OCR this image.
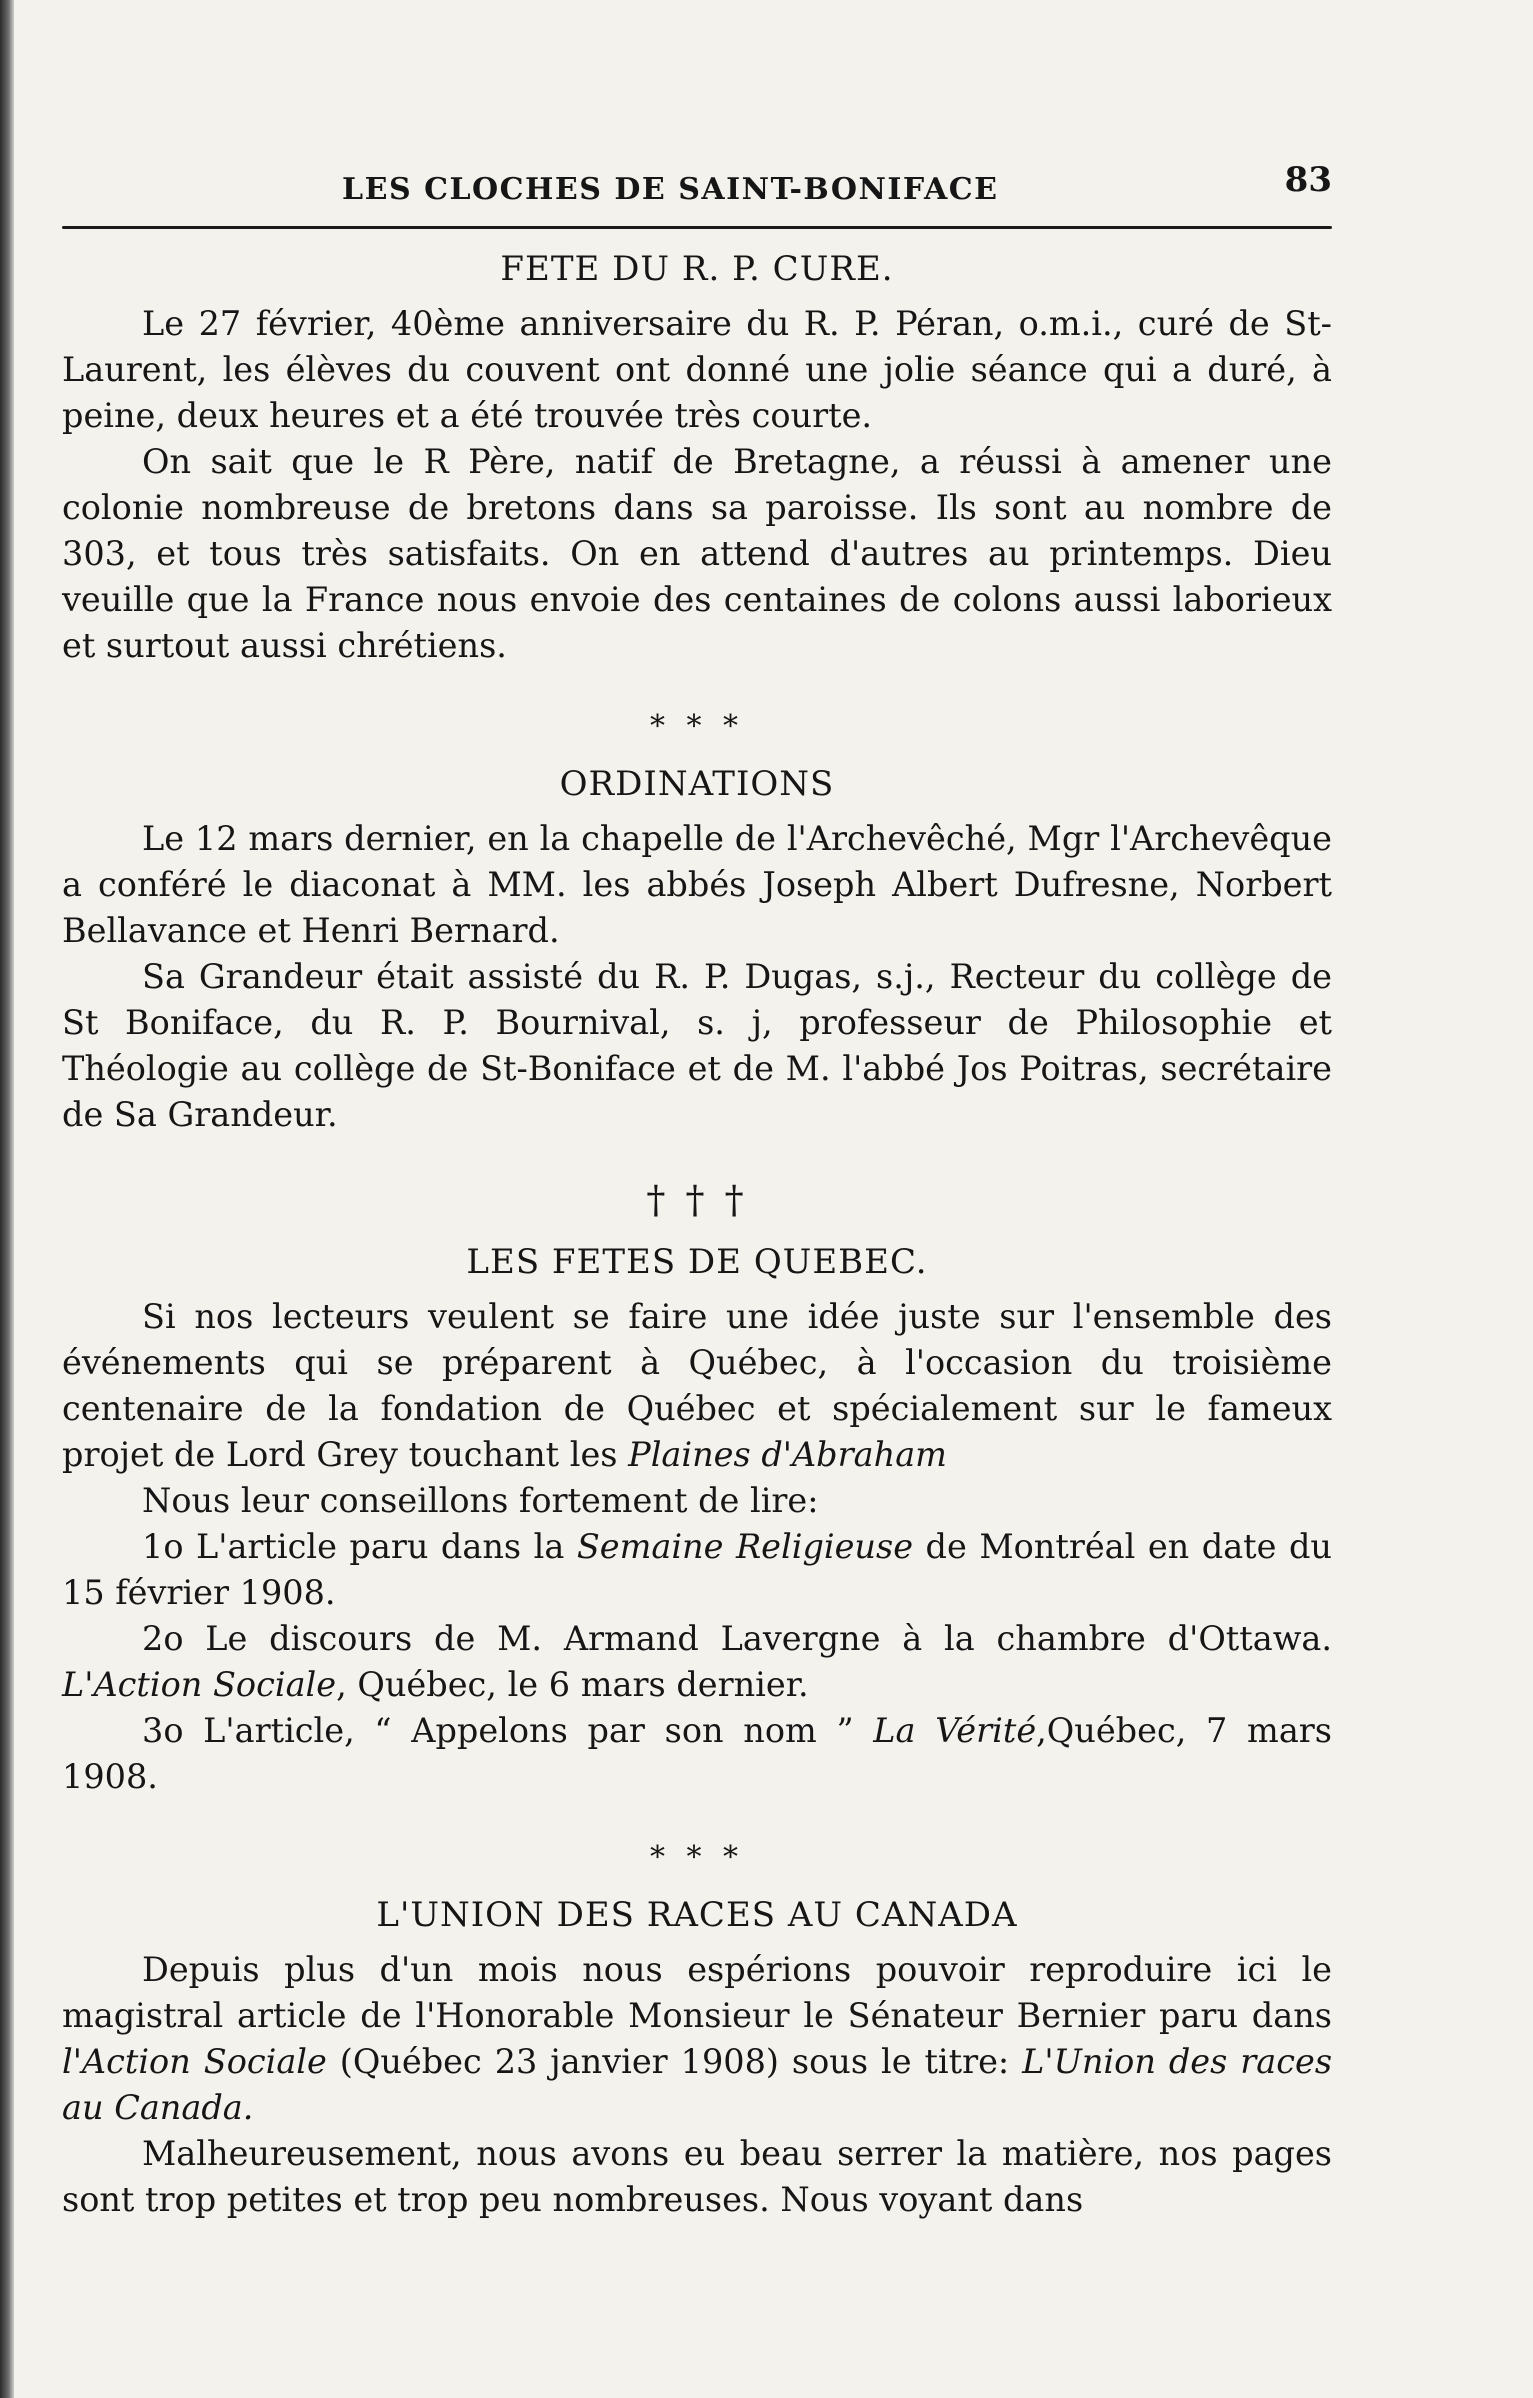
LES CLOCHES DE SAINT-BONIFACE	83
FETE DU R. P. CURE.

Le 27 février, 40ème anniversaire du R. P. Péran, o.m.i., curé de St-Laurent, les élèves du couvent ont donné une jolie séance qui a duré, à peine, deux heures et a été trouvée très courte.

On sait que le R Père, natif de Bretagne, a réussi à amener une colonie nombreuse de bretons dans sa paroisse. Ils sont au nombre de 303, et tous très satisfaits. On en attend d'autres au printemps. Dieu veuille que la France nous envoie des centaines de colons aussi laborieux et surtout aussi chrétiens.

* * *
ORDINATIONS

Le 12 mars dernier, en la chapelle de l'Archevêché, Mgr l'Archevêque a conféré le diaconat à MM. les abbés Joseph Albert Dufresne, Norbert Bellavance et Henri Bernard.

Sa Grandeur était assisté du R. P. Dugas, s.j., Recteur du collège de St Boniface, du R. P. Bournival, s. j, professeur de Philosophie et Théologie au collège de St-Boniface et de M. l'abbé Jos Poitras, secrétaire de Sa Grandeur.

† † †
LES FETES DE QUEBEC.

Si nos lecteurs veulent se faire une idée juste sur l'ensemble des événements qui se préparent à Québec, à l'occasion du troisième centenaire de la fondation de Québec et spécialement sur le fameux projet de Lord Grey touchant les Plaines d'Abraham

Nous leur conseillons fortement de lire:

1o L'article paru dans la Semaine Religieuse de Montréal en date du 15 février 1908.

2o Le discours de M. Armand Lavergne à la chambre d'Ottawa. L'Action Sociale, Québec, le 6 mars dernier.

3o L'article, “ Appelons par son nom ” La Vérité,Québec, 7 mars 1908.

* * *
L'UNION DES RACES AU CANADA

Depuis plus d'un mois nous espérions pouvoir reproduire ici le magistral article de l'Honorable Monsieur le Sénateur Bernier paru dans l'Action Sociale (Québec 23 janvier 1908) sous le titre: L'Union des races au Canada.

Malheureusement, nous avons eu beau serrer la matière, nos pages sont trop petites et trop peu nombreuses. Nous voyant dans
